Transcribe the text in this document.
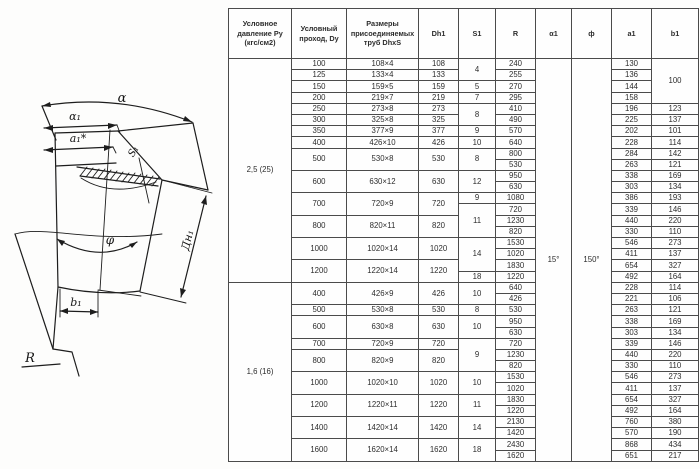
α
α₁
a₁*
S₁
φ	Дн₁
b₁
R
Условное давление Ру (кгс/см2)	Условный проход, Dy	Размеры присоединяемых труб DhxS	Dh1	S1	R	α1	ф	a1	b1
2,5 (25)	100	108×4	108	4	240	15°	150°	130	100
	125	133×4	133		255			136	
	150	159×5	159	5	270			144	
	200	219×7	219	7	295			158	
	250	273×8	273	8	410			196	123
	300	325×8	325		490			225	137
	350	377×9	377	9	570			202	101
	400	426×10	426	10	640			228	114
	500	530×8	530	8	800			284	142
					530			263	121
	600	630×12	630	12	950			338	169
					630			303	134
	700	720×9	720	9	1080			386	193
				11	720			339	146
	800	820×11	820		1230			440	220
					820			330	110
	1000	1020×14	1020	14	1530			546	273
					1020			411	137
	1200	1220×14	1220		1830			654	327
				18	1220			492	164
1,6 (16)	400	426×9	426	10	640			228	114
					426			221	106
	500	530×8	530	8	530			263	121
	600	630×8	630	10	950			338	169
					630			303	134
	700	720×9	720	9	720			339	146
	800	820×9	820		1230			440	220
					820			330	110
	1000	1020×10	1020	10	1530			546	273
					1020			411	137
	1200	1220×11	1220	11	1830			654	327
					1220			492	164
	1400	1420×14	1420	14	2130			760	380
					1420			570	190
	1600	1620×14	1620	18	2430			868	434
					1620			651	217
